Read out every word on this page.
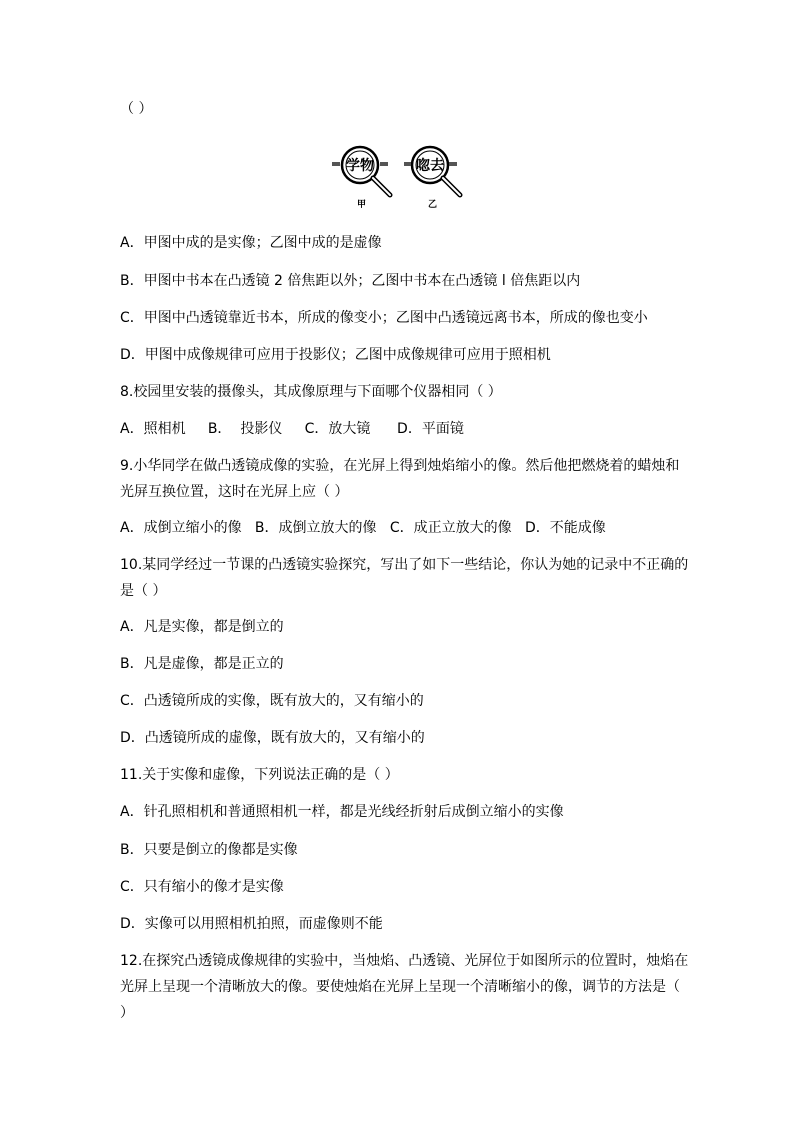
（ ）
学物	唿去
甲	乙
A．甲图中成的是实像；乙图中成的是虚像
B．甲图中书本在凸透镜 2 倍焦距以外；乙图中书本在凸透镜 l 倍焦距以内
C．甲图中凸透镜靠近书本，所成的像变小；乙图中凸透镜远离书本，所成的像也变小
D．甲图中成像规律可应用于投影仪；乙图中成像规律可应用于照相机
8.校园里安装的摄像头，其成像原理与下面哪个仪器相同（ ）
A．照相机     B．  投影仪     C．放大镜      D．平面镜
9.小华同学在做凸透镜成像的实验，在光屏上得到烛焰缩小的像。然后他把燃烧着的蜡烛和光屏互换位置，这时在光屏上应（ ）
A．成倒立缩小的像   B．成倒立放大的像   C．成正立放大的像   D．不能成像
10.某同学经过一节课的凸透镜实验探究，写出了如下一些结论，你认为她的记录中不正确的是（ ）
A．凡是实像，都是倒立的
B．凡是虚像，都是正立的
C．凸透镜所成的实像，既有放大的，又有缩小的
D．凸透镜所成的虚像，既有放大的，又有缩小的
11.关于实像和虚像，下列说法正确的是（ ）
A．针孔照相机和普通照相机一样，都是光线经折射后成倒立缩小的实像
B．只要是倒立的像都是实像
C．只有缩小的像才是实像
D．实像可以用照相机拍照，而虚像则不能
12.在探究凸透镜成像规律的实验中，当烛焰、凸透镜、光屏位于如图所示的位置时，烛焰在光屏上呈现一个清晰放大的像。要使烛焰在光屏上呈现一个清晰缩小的像，调节的方法是（ ）
